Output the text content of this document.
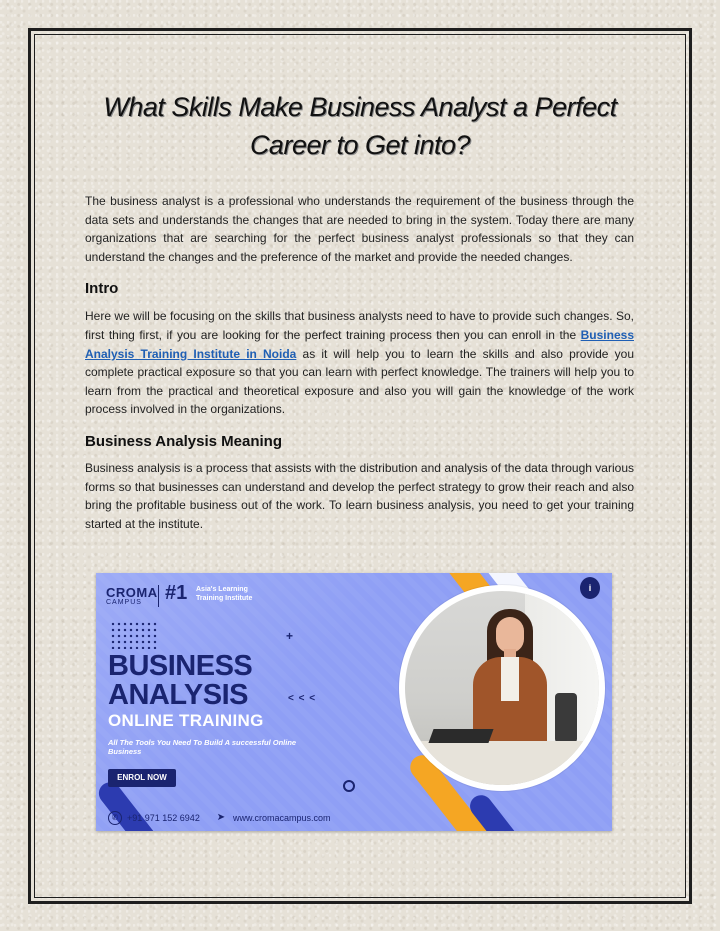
What Skills Make Business Analyst a Perfect
Career to Get into?

The business analyst is a professional who understands the requirement of the business through the data sets and understands the changes that are needed to bring in the system. Today there are many organizations that are searching for the perfect business analyst professionals so that they can understand the changes and the preference of the market and provide the needed changes.

Intro

Here we will be focusing on the skills that business analysts need to have to provide such changes. So, first thing first, if you are looking for the perfect training process then you can enroll in the Business Analysis Training Institute in Noida as it will help you to learn the skills and also provide you complete practical exposure so that you can learn with perfect knowledge. The trainers will help you to learn from the practical and theoretical exposure and also you will gain the knowledge of the work process involved in the organizations.

Business Analysis Meaning

Business analysis is a process that assists with the distribution and analysis of the data through various forms so that businesses can understand and develop the perfect strategy to grow their reach and also bring the profitable business out of the work. To learn business analysis, you need to get your training started at the institute.

CROMA
CAMPUS	#1 Asia's Learning Training Institute
+
BUSINESS
ANALYSIS	< < <
ONLINE TRAINING
All The Tools You Need To Build A successful Online Business
ENROL NOW
✆ +91 971 152 6942 ➤ www.cromacampus.com
i
